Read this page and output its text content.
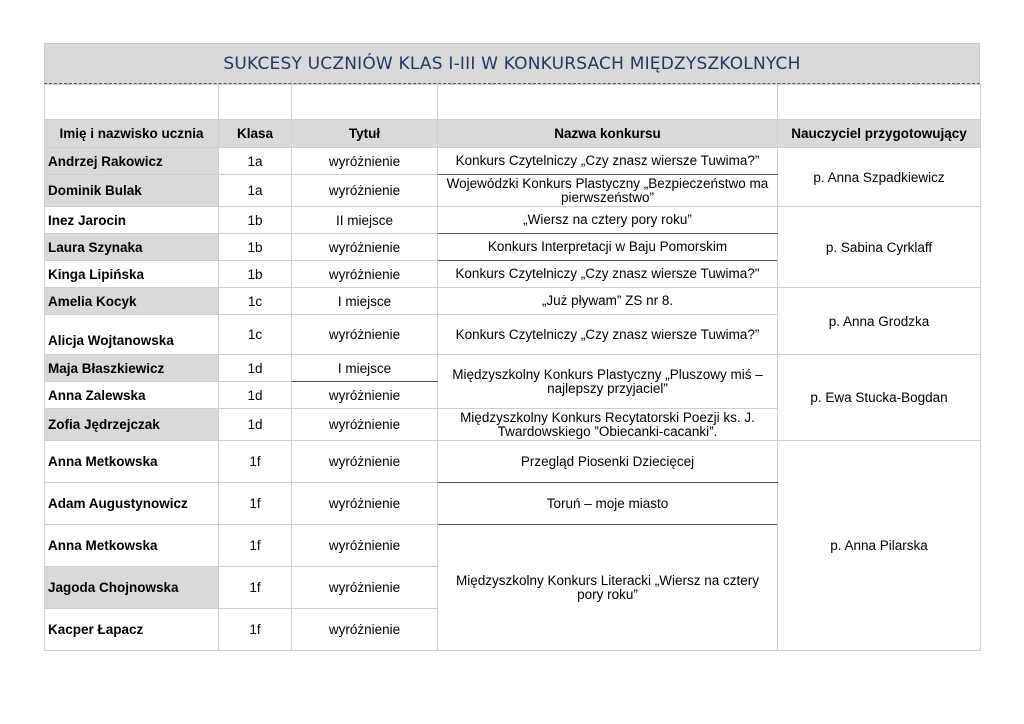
SUKCESY UCZNIÓW KLAS I-III W KONKURSACH MIĘDZYSZKOLNYCH

Imię i nazwisko ucznia	Klasa	Tytuł	Nazwa konkursu	Nauczyciel przygotowujący
Andrzej Rakowicz	1a	wyróżnienie	Konkurs Czytelniczy „Czy znasz wiersze Tuwima?”	p. Anna Szpadkiewicz
Dominik Bulak	1a	wyróżnienie	Wojewódzki Konkurs Plastyczny „Bezpieczeństwo ma pierwszeństwo”	
Inez Jarocin	1b	II miejsce	„Wiersz na cztery pory roku”	p. Sabina Cyrklaff
Laura Szynaka	1b	wyróżnienie	Konkurs Interpretacji w Baju Pomorskim	
Kinga Lipińska	1b	wyróżnienie	Konkurs Czytelniczy „Czy znasz wiersze Tuwima?"	
Amelia Kocyk	1c	I miejsce	„Już pływam” ZS nr 8.	p. Anna Grodzka
Alicja Wojtanowska	1c	wyróżnienie	Konkurs Czytelniczy „Czy znasz wiersze Tuwima?”	
Maja Błaszkiewicz	1d	I miejsce	Międzyszkolny Konkurs Plastyczny „Pluszowy miś – najlepszy przyjaciel”	p. Ewa Stucka-Bogdan
Anna Zalewska	1d	wyróżnienie		
Zofia Jędrzejczak	1d	wyróżnienie	Międzyszkolny Konkurs Recytatorski Poezji ks. J. Twardowskiego ”Obiecanki-cacanki”.	
Anna Metkowska	1f	wyróżnienie	Przegląd Piosenki Dziecięcej	p. Anna Pilarska
Adam Augustynowicz	1f	wyróżnienie	Toruń – moje miasto	
Anna Metkowska	1f	wyróżnienie	Międzyszkolny Konkurs Literacki „Wiersz na cztery pory roku”	
Jagoda Chojnowska	1f	wyróżnienie		
Kacper Łapacz	1f	wyróżnienie		
